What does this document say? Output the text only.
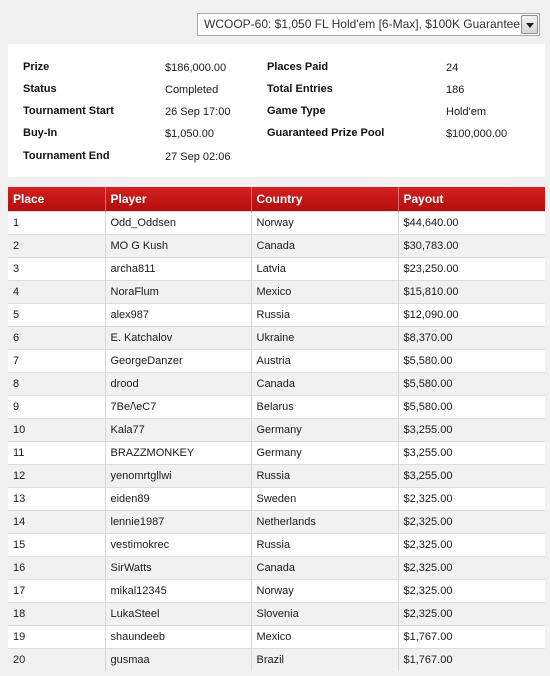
WCOOP-60: $1,050 FL Hold'em [6-Max], $100K Guarantee
Prize	$186,000.00
Status	Completed
Tournament Start	26 Sep 17:00
Buy-In	$1,050.00
Tournament End	27 Sep 02:06
Places Paid	24
Total Entries	186
Game Type	Hold'em
Guaranteed Prize Pool	$100,000.00
Place	Player	Country	Payout
1	Odd_Oddsen	Norway	$44,640.00
2	MO G Kush	Canada	$30,783.00
3	archa811	Latvia	$23,250.00
4	NoraFlum	Mexico	$15,810.00
5	alex987	Russia	$12,090.00
6	E. Katchalov	Ukraine	$8,370.00
7	GeorgeDanzer	Austria	$5,580.00
8	drood	Canada	$5,580.00
9	7Be/\eC7	Belarus	$5,580.00
10	Kala77	Germany	$3,255.00
11	BRAZZMONKEY	Germany	$3,255.00
12	yenomrtgllwi	Russia	$3,255.00
13	eiden89	Sweden	$2,325.00
14	lennie1987	Netherlands	$2,325.00
15	vestimokrec	Russia	$2,325.00
16	SirWatts	Canada	$2,325.00
17	mikal12345	Norway	$2,325.00
18	LukaSteel	Slovenia	$2,325.00
19	shaundeeb	Mexico	$1,767.00
20	gusmaa	Brazil	$1,767.00
